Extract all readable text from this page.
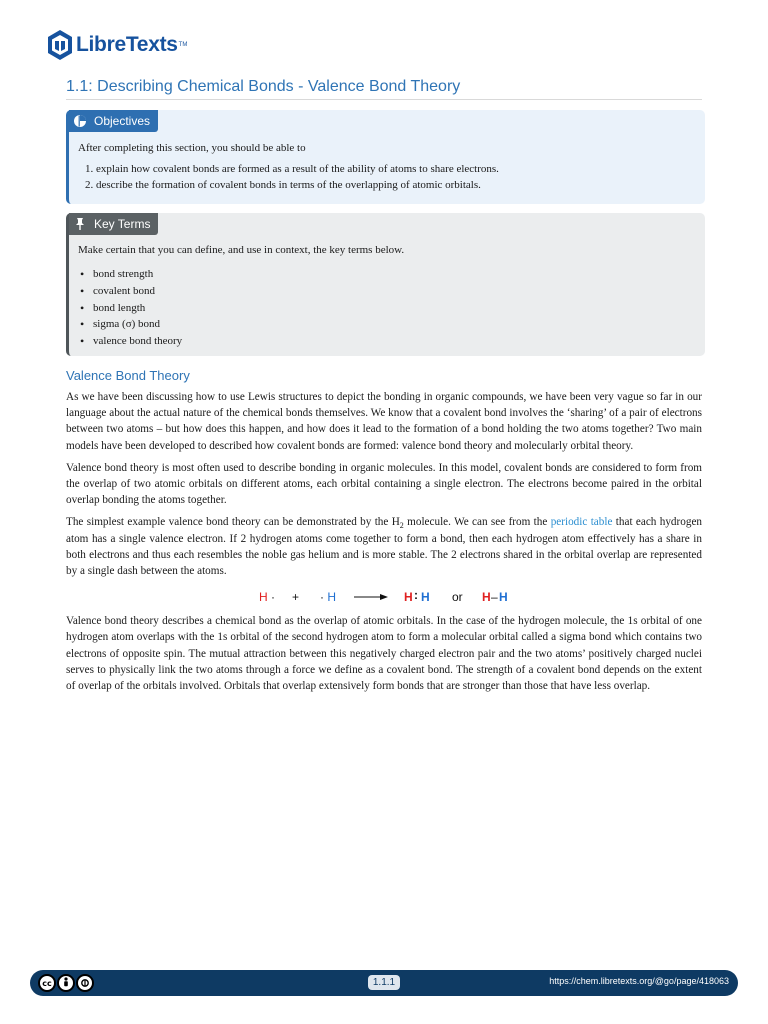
LibreTexts TM
1.1: Describing Chemical Bonds - Valence Bond Theory
Objectives

After completing this section, you should be able to

1. explain how covalent bonds are formed as a result of the ability of atoms to share electrons.
2. describe the formation of covalent bonds in terms of the overlapping of atomic orbitals.
Key Terms

Make certain that you can define, and use in context, the key terms below.

• bond strength
• covalent bond
• bond length
• sigma (σ) bond
• valence bond theory
Valence Bond Theory

As we have been discussing how to use Lewis structures to depict the bonding in organic compounds, we have been very vague so far in our language about the actual nature of the chemical bonds themselves. We know that a covalent bond involves the ‘sharing’ of a pair of electrons between two atoms – but how does this happen, and how does it lead to the formation of a bond holding the two atoms together? Two main models have been developed to described how covalent bonds are formed: valence bond theory and molecularly orbital theory.

Valence bond theory is most often used to describe bonding in organic molecules. In this model, covalent bonds are considered to form from the overlap of two atomic orbitals on different atoms, each orbital containing a single electron. The electrons become paired in the orbital overlap bonding the atoms together.

The simplest example valence bond theory can be demonstrated by the $H_2$ molecule. We can see from the periodic table that each hydrogen atom has a single valence electron. If 2 hydrogen atoms come together to form a bond, then each hydrogen atom effectively has a share in both electrons and thus each resembles the noble gas helium and is more stable. The 2 electrons shared in the orbital overlap are represented by a single dash between the atoms.

H · + · H → H : H or H – H

Valence bond theory describes a chemical bond as the overlap of atomic orbitals. In the case of the hydrogen molecule, the 1s orbital of one hydrogen atom overlaps with the 1s orbital of the second hydrogen atom to form a molecular orbital called a sigma bond which contains two electrons of opposite spin. The mutual attraction between this negatively charged electron pair and the two atoms’ positively charged nuclei serves to physically link the two atoms through a force we define as a covalent bond. The strength of a covalent bond depends on the extent of overlap of the orbitals involved. Orbitals that overlap extensively form bonds that are stronger than those that have less overlap.

cc	1.1.1	https://chem.libretexts.org/@go/page/418063
